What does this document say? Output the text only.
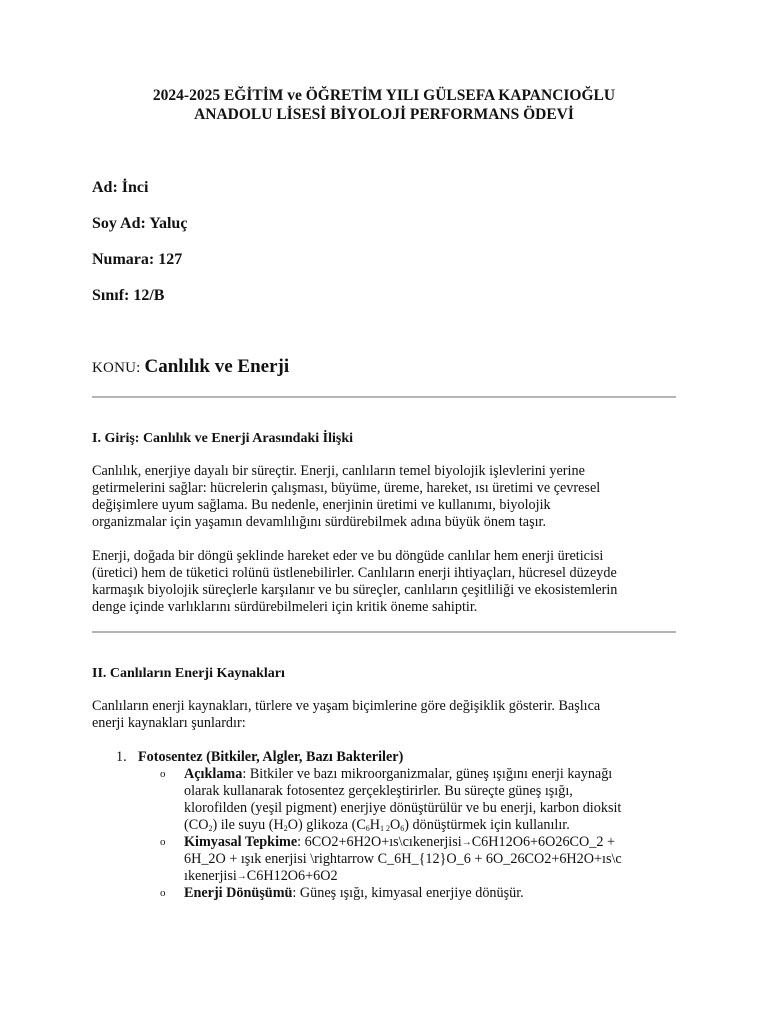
2024-2025 EĞİTİM ve ÖĞRETİM YILI GÜLSEFA KAPANCIOĞLU
ANADOLU LİSESİ BİYOLOJİ PERFORMANS ÖDEVİ
Ad: İnci
Soy Ad: Yaluç
Numara: 127
Sınıf: 12/B
KONU: Canlılık ve Enerji
I. Giriş: Canlılık ve Enerji Arasındaki İlişki
Canlılık, enerjiye dayalı bir süreçtir. Enerji, canlıların temel biyolojik işlevlerini yerine
getirmelerini sağlar: hücrelerin çalışması, büyüme, üreme, hareket, ısı üretimi ve çevresel
değişimlere uyum sağlama. Bu nedenle, enerjinin üretimi ve kullanımı, biyolojik
organizmalar için yaşamın devamlılığını sürdürebilmek adına büyük önem taşır.
Enerji, doğada bir döngü şeklinde hareket eder ve bu döngüde canlılar hem enerji üreticisi
(üretici) hem de tüketici rolünü üstlenebilirler. Canlıların enerji ihtiyaçları, hücresel düzeyde
karmaşık biyolojik süreçlerle karşılanır ve bu süreçler, canlıların çeşitliliği ve ekosistemlerin
denge içinde varlıklarını sürdürebilmeleri için kritik öneme sahiptir.
II. Canlıların Enerji Kaynakları
Canlıların enerji kaynakları, türlere ve yaşam biçimlerine göre değişiklik gösterir. Başlıca
enerji kaynakları şunlardır:
1. Fotosentez (Bitkiler, Algler, Bazı Bakteriler)
o Açıklama: Bitkiler ve bazı mikroorganizmalar, güneş ışığını enerji kaynağı
olarak kullanarak fotosentez gerçekleştirirler. Bu süreçte güneş ışığı,
klorofilden (yeşil pigment) enerjiye dönüştürülür ve bu enerji, karbon dioksit
(CO2) ile suyu (H2O) glikoza (C6H1 2O6) dönüştürmek için kullanılır.
o Kimyasal Tepkime: 6CO2+6H2O+ıs\cıkenerjisi→C6H12O6+6O26CO_2 +
6H_2O + ışık enerjisi \rightarrow C_6H_{12}O_6 + 6O_26CO2+6H2O+ıs\c
ıkenerjisi→C6H12O6+6O2
o Enerji Dönüşümü: Güneş ışığı, kimyasal enerjiye dönüşür.
